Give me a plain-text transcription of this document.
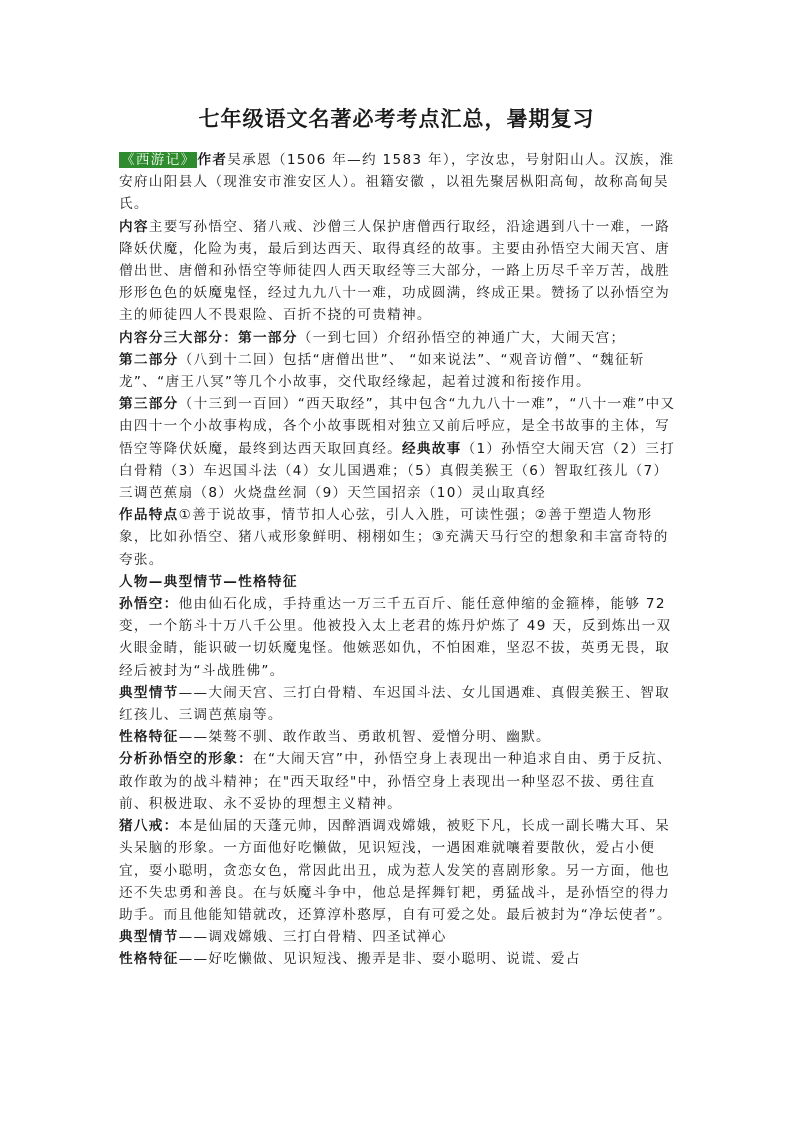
七年级语文名著必考考点汇总，暑期复习

《西游记》 作者吴承恩（1506 年—约 1583 年），字汝忠，号射阳山人。汉族，淮安府山阳县人（现淮安市淮安区人）。祖籍安徽 ，以祖先聚居枞阳高甸，故称高甸吴氏。

内容主要写孙悟空、猪八戒、沙僧三人保护唐僧西行取经，沿途遇到八十一难，一路降妖伏魔，化险为夷，最后到达西天、取得真经的故事。主要由孙悟空大闹天宫、唐僧出世、唐僧和孙悟空等师徒四人西天取经等三大部分，一路上历尽千辛万苦，战胜形形色色的妖魔鬼怪，经过九九八十一难，功成圆满，终成正果。赞扬了以孙悟空为主的师徒四人不畏艰险、百折不挠的可贵精神。

内容分三大部分：第一部分（一到七回）介绍孙悟空的神通广大，大闹天宫；

第二部分（八到十二回）包括“唐僧出世”、 “如来说法”、“观音访僧”、“魏征斩龙”、“唐王八冥”等几个小故事，交代取经缘起，起着过渡和衔接作用。

第三部分（十三到一百回）“西天取经”，其中包含“九九八十一难”，“八十一难”中又由四十一个小故事构成，各个小故事既相对独立又前后呼应，是全书故事的主体，写悟空等降伏妖魔，最终到达西天取回真经。经典故事（1）孙悟空大闹天宫（2）三打白骨精（3）车迟国斗法（4）女儿国遇难；（5）真假美猴王（6）智取红孩儿（7）三调芭蕉扇（8）火烧盘丝洞（9）天竺国招亲（10）灵山取真经

作品特点①善于说故事，情节扣人心弦，引人入胜，可读性强；②善于塑造人物形象，比如孙悟空、猪八戒形象鲜明、栩栩如生；③充满天马行空的想象和丰富奇特的夸张。

人物—典型情节—性格特征

孙悟空：他由仙石化成，手持重达一万三千五百斤、能任意伸缩的金箍棒，能够 72 变，一个筋斗十万八千公里。他被投入太上老君的炼丹炉炼了 49 天，反到炼出一双火眼金睛，能识破一切妖魔鬼怪。他嫉恶如仇，不怕困难，坚忍不拔，英勇无畏，取经后被封为“斗战胜佛”。

典型情节——大闹天宫、三打白骨精、车迟国斗法、女儿国遇难、真假美猴王、智取红孩儿、三调芭蕉扇等。

性格特征——桀骜不驯、敢作敢当、勇敢机智、爱憎分明、幽默。

分析孙悟空的形象：在“大闹天宫”中，孙悟空身上表现出一种追求自由、勇于反抗、敢作敢为的战斗精神；在"西天取经"中，孙悟空身上表现出一种坚忍不拔、勇往直前、积极进取、永不妥协的理想主义精神。

猪八戒：本是仙届的天蓬元帅，因醉酒调戏嫦娥，被贬下凡，长成一副长嘴大耳、呆头呆脑的形象。一方面他好吃懒做，见识短浅，一遇困难就嚷着要散伙，爱占小便宜，耍小聪明，贪恋女色，常因此出丑，成为惹人发笑的喜剧形象。另一方面，他也还不失忠勇和善良。在与妖魔斗争中，他总是挥舞钉耙，勇猛战斗，是孙悟空的得力助手。而且他能知错就改，还算淳朴憨厚，自有可爱之处。最后被封为“净坛使者”。

典型情节——调戏嫦娥、三打白骨精、四圣试禅心

性格特征——好吃懒做、见识短浅、搬弄是非、耍小聪明、说谎、爱占
